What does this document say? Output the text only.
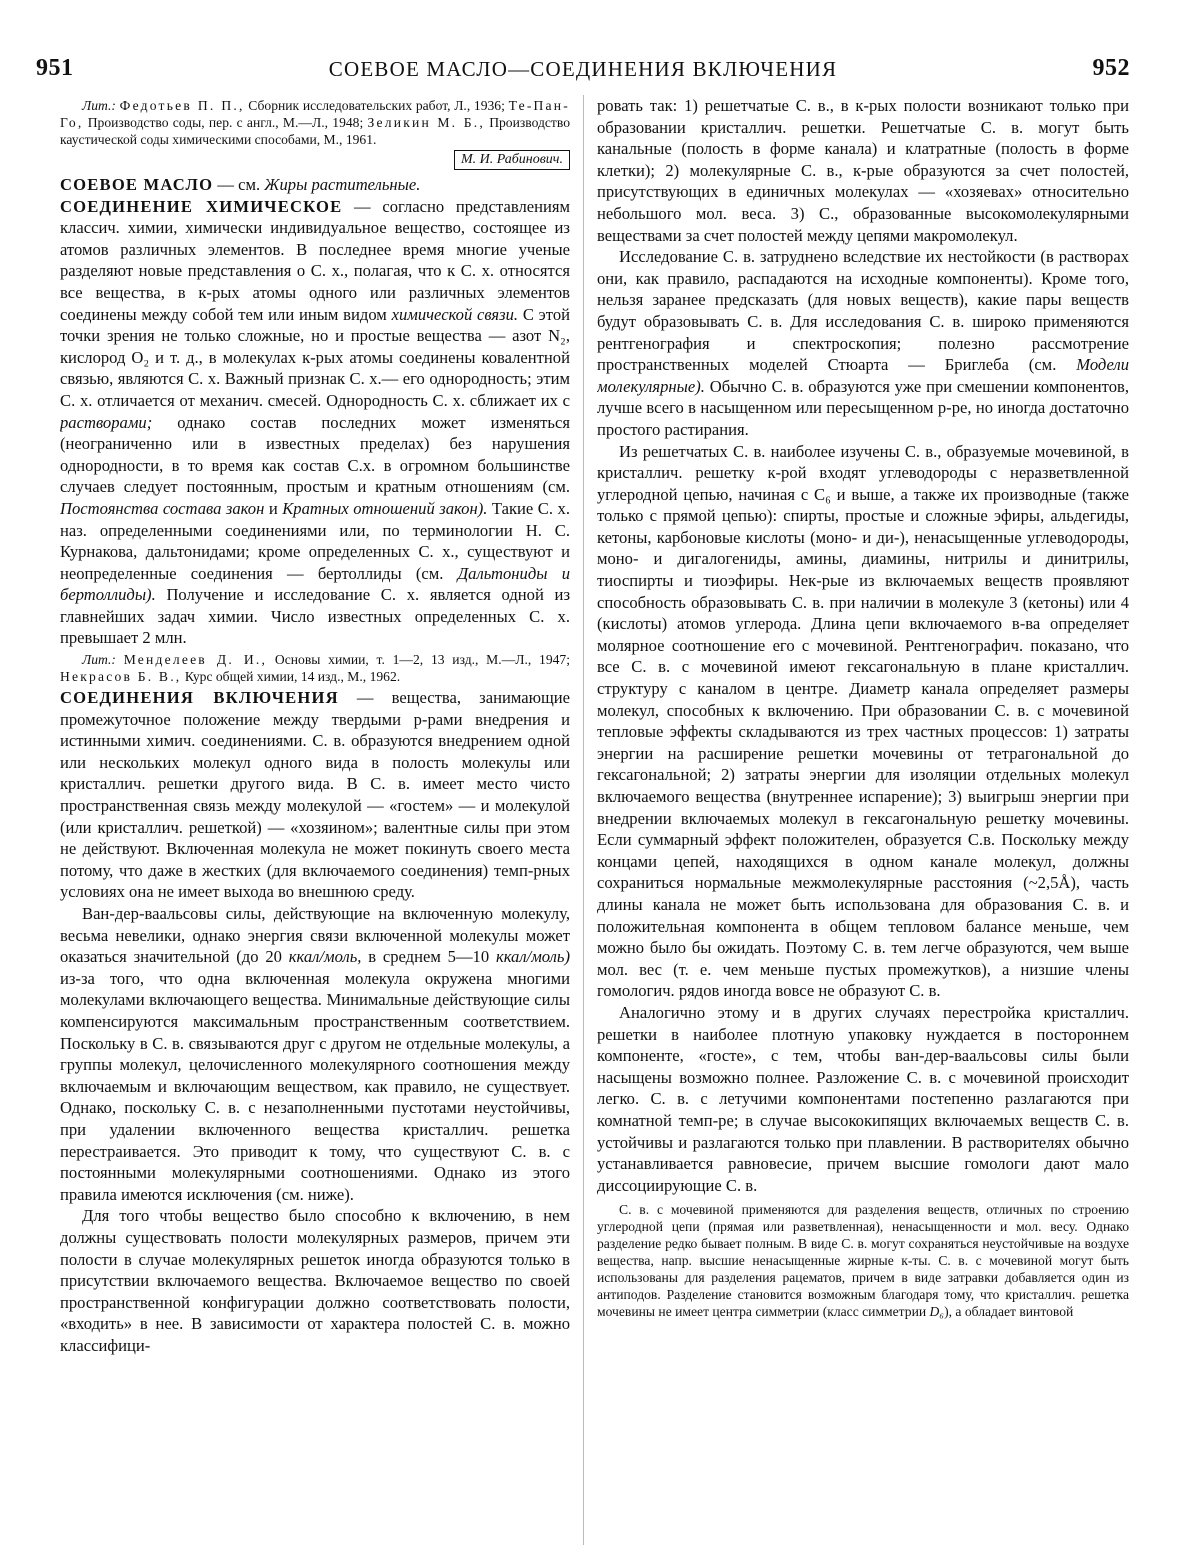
951	СОЕВОЕ МАСЛО—СОЕДИНЕНИЯ ВКЛЮЧЕНИЯ	952

Лит.: Федотьев П. П., Сборник исследовательских работ, Л., 1936; Те-Пан-Го, Производство соды, пер. с англ., М.—Л., 1948; Зеликин М. Б., Производство каустической соды химическими способами, М., 1961.

М. И. Рабинович.

СОЕВОЕ МАСЛО — см. Жиры растительные.

СОЕДИНЕНИЕ ХИМИЧЕСКОЕ — согласно представлениям классич. химии, химически индивидуальное вещество, состоящее из атомов различных элементов. В последнее время многие ученые разделяют новые представления о С. х., полагая, что к С. х. относятся все вещества, в к-рых атомы одного или различных элементов соединены между собой тем или иным видом химической связи. С этой точки зрения не только сложные, но и простые вещества — азот N₂, кислород O₂ и т. д., в молекулах к-рых атомы соединены ковалентной связью, являются С. х. Важный признак С. х.— его однородность; этим С. х. отличается от механич. смесей. Однородность С. х. сближает их с растворами; однако состав последних может изменяться (неограниченно или в известных пределах) без нарушения однородности, в то время как состав С.х. в огромном большинстве случаев следует постоянным, простым и кратным отношениям (см. Постоянства состава закон и Кратных отношений закон). Такие С. х. наз. определенными соединениями или, по терминологии Н. С. Курнакова, дальтонидами; кроме определенных С. х., существуют и неопределенные соединения — бертоллиды (см. Дальтониды и бертоллиды). Получение и исследование С. х. является одной из главнейших задач химии. Число известных определенных С. х. превышает 2 млн.

Лит.: Менделеев Д. И., Основы химии, т. 1—2, 13 изд., М.—Л., 1947; Некрасов Б. В., Курс общей химии, 14 изд., М., 1962.

СОЕДИНЕНИЯ ВКЛЮЧЕНИЯ — вещества, занимающие промежуточное положение между твердыми р-рами внедрения и истинными химич. соединениями. С. в. образуются внедрением одной или нескольких молекул одного вида в полость молекулы или кристаллич. решетки другого вида. В С. в. имеет место чисто пространственная связь между молекулой — «гостем» — и молекулой (или кристаллич. решеткой) — «хозяином»; валентные силы при этом не действуют. Включенная молекула не может покинуть своего места потому, что даже в жестких (для включаемого соединения) темп-рных условиях она не имеет выхода во внешнюю среду.

Ван-дер-ваальсовы силы, действующие на включенную молекулу, весьма невелики, однако энергия связи включенной молекулы может оказаться значительной (до 20 ккал/моль, в среднем 5—10 ккал/моль) из-за того, что одна включенная молекула окружена многими молекулами включающего вещества. Минимальные действующие силы компенсируются максимальным пространственным соответствием. Поскольку в С. в. связываются друг с другом не отдельные молекулы, а группы молекул, целочисленного молекулярного соотношения между включаемым и включающим веществом, как правило, не существует. Однако, поскольку С. в. с незаполненными пустотами неустойчивы, при удалении включенного вещества кристаллич. решетка перестраивается. Это приводит к тому, что существуют С. в. с постоянными молекулярными соотношениями. Однако из этого правила имеются исключения (см. ниже).

Для того чтобы вещество было способно к включению, в нем должны существовать полости молекулярных размеров, причем эти полости в случае молекулярных решеток иногда образуются только в присутствии включаемого вещества. Включаемое вещество по своей пространственной конфигурации должно соответствовать полости, «входить» в нее. В зависимости от характера полостей С. в. можно классифици-

ровать так: 1) решетчатые С. в., в к-рых полости возникают только при образовании кристаллич. решетки. Решетчатые С. в. могут быть канальные (полость в форме канала) и клатратные (полость в форме клетки); 2) молекулярные С. в., к-рые образуются за счет полостей, присутствующих в единичных молекулах — «хозяевах» относительно небольшого мол. веса. 3) С., образованные высокомолекулярными веществами за счет полостей между цепями макромолекул.

Исследование С. в. затруднено вследствие их нестойкости (в растворах они, как правило, распадаются на исходные компоненты). Кроме того, нельзя заранее предсказать (для новых веществ), какие пары веществ будут образовывать С. в. Для исследования С. в. широко применяются рентгенография и спектроскопия; полезно рассмотрение пространственных моделей Стюарта — Бриглеба (см. Модели молекулярные). Обычно С. в. образуются уже при смешении компонентов, лучше всего в насыщенном или пересыщенном р-ре, но иногда достаточно простого растирания.

Из решетчатых С. в. наиболее изучены С. в., образуемые мочевиной, в кристаллич. решетку к-рой входят углеводороды с неразветвленной углеродной цепью, начиная с C₆ и выше, а также их производные (также только с прямой цепью): спирты, простые и сложные эфиры, альдегиды, кетоны, карбоновые кислоты (моно- и ди-), ненасыщенные углеводороды, моно- и дигалогениды, амины, диамины, нитрилы и динитрилы, тиоспирты и тиоэфиры. Нек-рые из включаемых веществ проявляют способность образовывать С. в. при наличии в молекуле 3 (кетоны) или 4 (кислоты) атомов углерода. Длина цепи включаемого в-ва определяет молярное соотношение его с мочевиной. Рентгенографич. показано, что все С. в. с мочевиной имеют гексагональную в плане кристаллич. структуру с каналом в центре. Диаметр канала определяет размеры молекул, способных к включению. При образовании С. в. с мочевиной тепловые эффекты складываются из трех частных процессов: 1) затраты энергии на расширение решетки мочевины от тетрагональной до гексагональной; 2) затраты энергии для изоляции отдельных молекул включаемого вещества (внутреннее испарение); 3) выигрыш энергии при внедрении включаемых молекул в гексагональную решетку мочевины. Если суммарный эффект положителен, образуется С.в. Поскольку между концами цепей, находящихся в одном канале молекул, должны сохраниться нормальные межмолекулярные расстояния (~2,5Å), часть длины канала не может быть использована для образования С. в. и положительная компонента в общем тепловом балансе меньше, чем можно было бы ожидать. Поэтому С. в. тем легче образуются, чем выше мол. вес (т. е. чем меньше пустых промежутков), а низшие члены гомологич. рядов иногда вовсе не образуют С. в.

Аналогично этому и в других случаях перестройка кристаллич. решетки в наиболее плотную упаковку нуждается в постороннем компоненте, «госте», с тем, чтобы ван-дер-ваальсовы силы были насыщены возможно полнее. Разложение С. в. с мочевиной происходит легко. С. в. с летучими компонентами постепенно разлагаются при комнатной темп-ре; в случае высококипящих включаемых веществ С. в. устойчивы и разлагаются только при плавлении. В растворителях обычно устанавливается равновесие, причем высшие гомологи дают мало диссоциирующие С. в.

С. в. с мочевиной применяются для разделения веществ, отличных по строению углеродной цепи (прямая или разветвленная), ненасыщенности и мол. весу. Однако разделение редко бывает полным. В виде С. в. могут сохраняться неустойчивые на воздухе вещества, напр. высшие ненасыщенные жирные к-ты. С. в. с мочевиной могут быть использованы для разделения рацематов, причем в виде затравки добавляется один из антиподов. Разделение становится возможным благодаря тому, что кристаллич. решетка мочевины не имеет центра симметрии (класс симметрии D₆), а обладает винтовой
